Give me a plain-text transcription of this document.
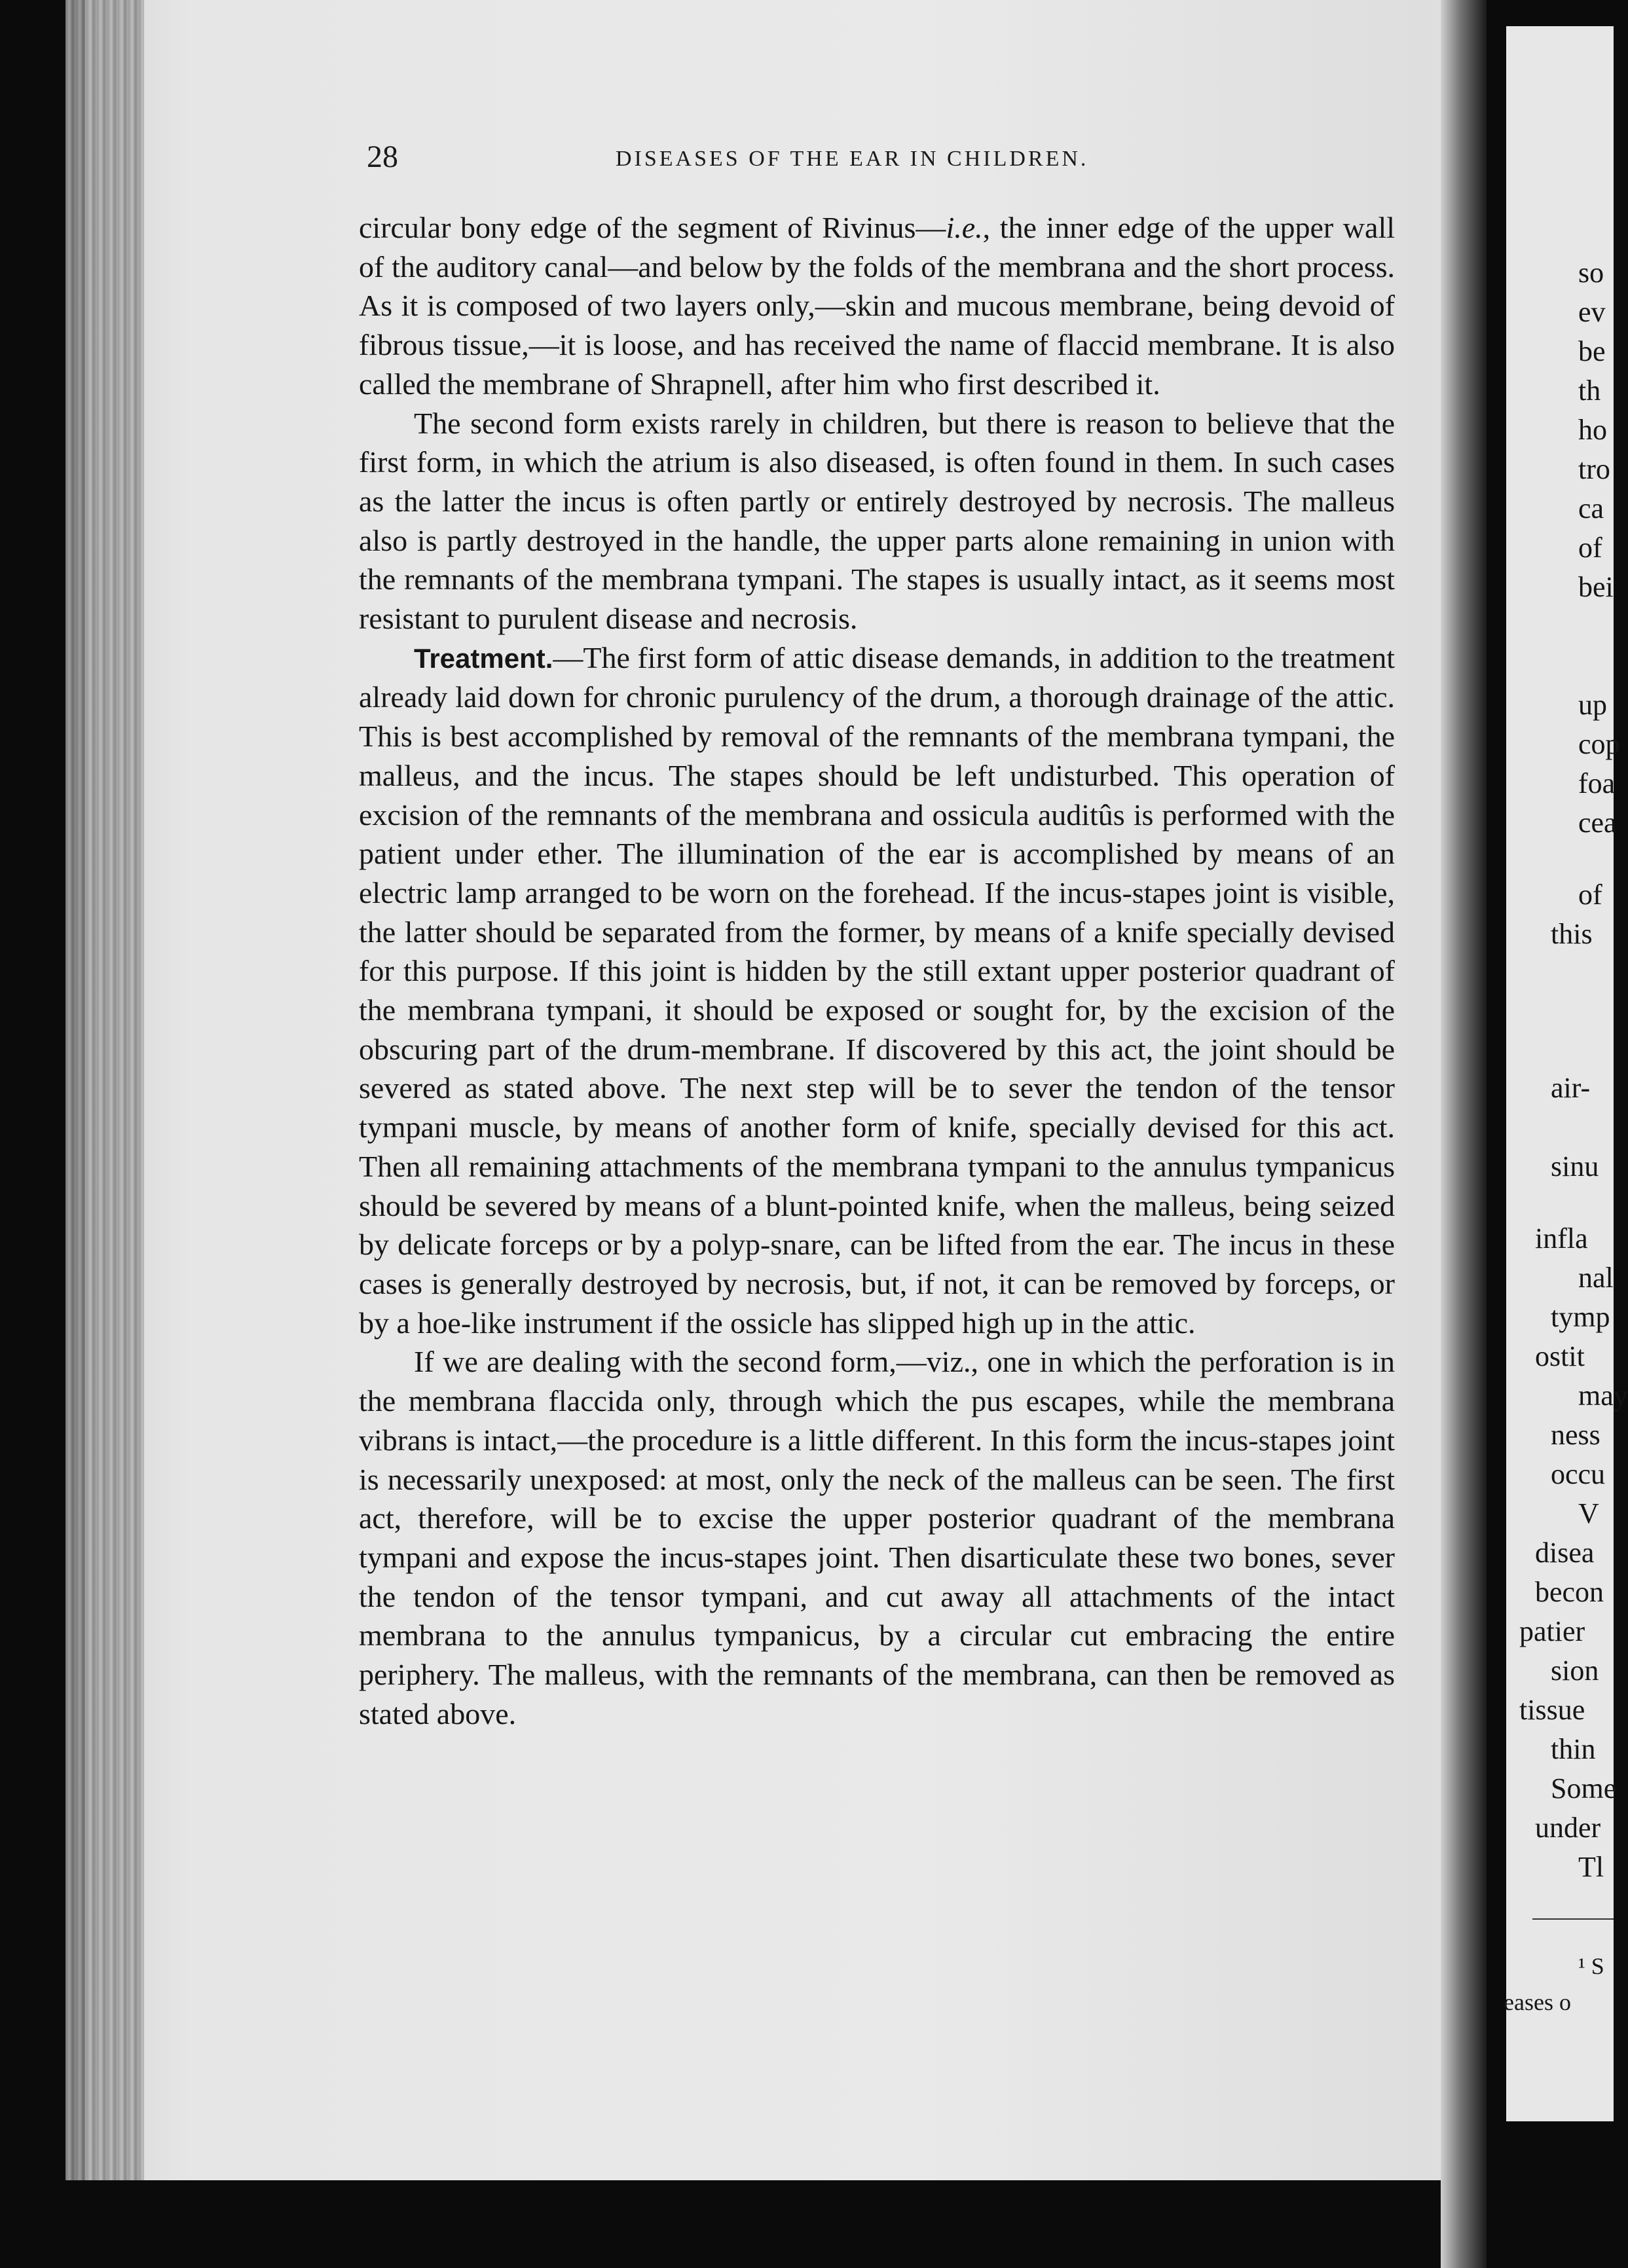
so
ev
be
th
ho
tro
ca
of
bei
up
cop
foa
cea
of
this
air-
sinu
infla
nal
tymp
ostit
may
ness
occu
V
disea
becon
patier
sion
tissue
thin
Some
under
Tl
¹ S
eases o
28	DISEASES OF THE EAR IN CHILDREN.

circular bony edge of the segment of Rivinus—i.e., the inner edge of the upper wall of the auditory canal—and below by the folds of the membrana and the short process. As it is composed of two layers only,—skin and mucous membrane, being devoid of fibrous tissue,—it is loose, and has received the name of flaccid membrane. It is also called the membrane of Shrapnell, after him who first described it.

The second form exists rarely in children, but there is reason to believe that the first form, in which the atrium is also diseased, is often found in them. In such cases as the latter the incus is often partly or entirely destroyed by necrosis. The malleus also is partly destroyed in the handle, the upper parts alone remaining in union with the remnants of the membrana tympani. The stapes is usually intact, as it seems most resistant to purulent disease and necrosis.

Treatment.—The first form of attic disease demands, in addition to the treatment already laid down for chronic purulency of the drum, a thorough drainage of the attic. This is best accomplished by removal of the remnants of the membrana tympani, the malleus, and the incus. The stapes should be left undisturbed. This operation of excision of the remnants of the membrana and ossicula auditûs is performed with the patient under ether. The illumination of the ear is accomplished by means of an electric lamp arranged to be worn on the forehead. If the incus-stapes joint is visible, the latter should be separated from the former, by means of a knife specially devised for this purpose. If this joint is hidden by the still extant upper posterior quadrant of the membrana tympani, it should be exposed or sought for, by the excision of the obscuring part of the drum-membrane. If discovered by this act, the joint should be severed as stated above. The next step will be to sever the tendon of the tensor tympani muscle, by means of another form of knife, specially devised for this act. Then all remaining attachments of the membrana tympani to the annulus tympanicus should be severed by means of a blunt-pointed knife, when the malleus, being seized by delicate forceps or by a polyp-snare, can be lifted from the ear. The incus in these cases is generally destroyed by necrosis, but, if not, it can be removed by forceps, or by a hoe-like instrument if the ossicle has slipped high up in the attic.

If we are dealing with the second form,—viz., one in which the perforation is in the membrana flaccida only, through which the pus escapes, while the membrana vibrans is intact,—the procedure is a little different. In this form the incus-stapes joint is necessarily unexposed: at most, only the neck of the malleus can be seen. The first act, therefore, will be to excise the upper posterior quadrant of the membrana tympani and expose the incus-stapes joint. Then disarticulate these two bones, sever the tendon of the tensor tympani, and cut away all attachments of the intact membrana to the annulus tympanicus, by a circular cut embracing the entire periphery. The malleus, with the remnants of the membrana, can then be removed as stated above.
